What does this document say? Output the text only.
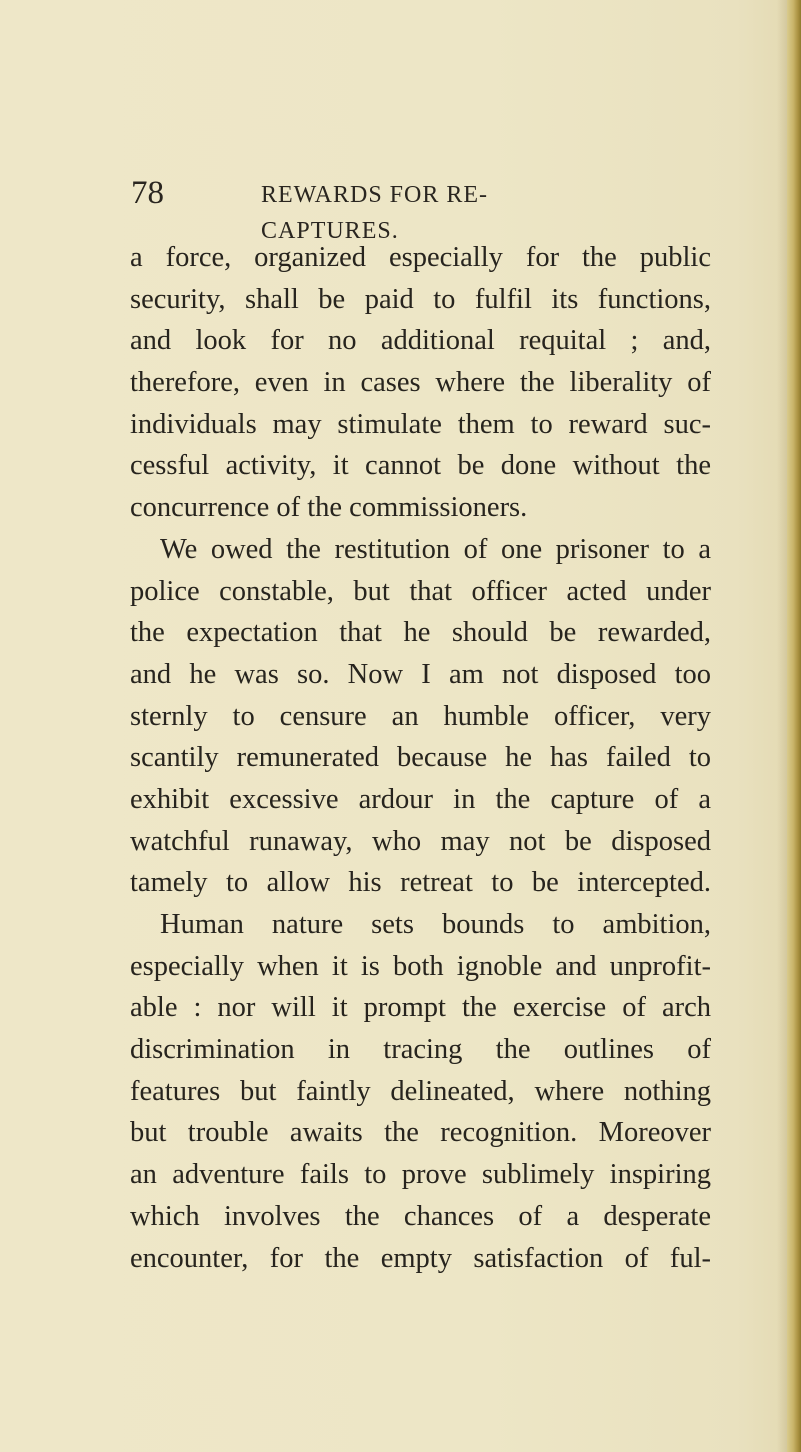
78	REWARDS FOR RE-CAPTURES.
a force, organized especially for the public
security, shall be paid to fulfil its functions,
and look for no additional requital ; and,
therefore, even in cases where the liberality of
individuals may stimulate them to reward suc-
cessful activity, it cannot be done without the
concurrence of the commissioners.
We owed the restitution of one prisoner to a
police constable, but that officer acted under
the expectation that he should be rewarded,
and he was so. Now I am not disposed too
sternly to censure an humble officer, very
scantily remunerated because he has failed to
exhibit excessive ardour in the capture of a
watchful runaway, who may not be disposed
tamely to allow his retreat to be intercepted.
Human nature sets bounds to ambition,
especially when it is both ignoble and unprofit-
able : nor will it prompt the exercise of arch
discrimination in tracing the outlines of
features but faintly delineated, where nothing
but trouble awaits the recognition. Moreover
an adventure fails to prove sublimely inspiring
which involves the chances of a desperate
encounter, for the empty satisfaction of ful-
